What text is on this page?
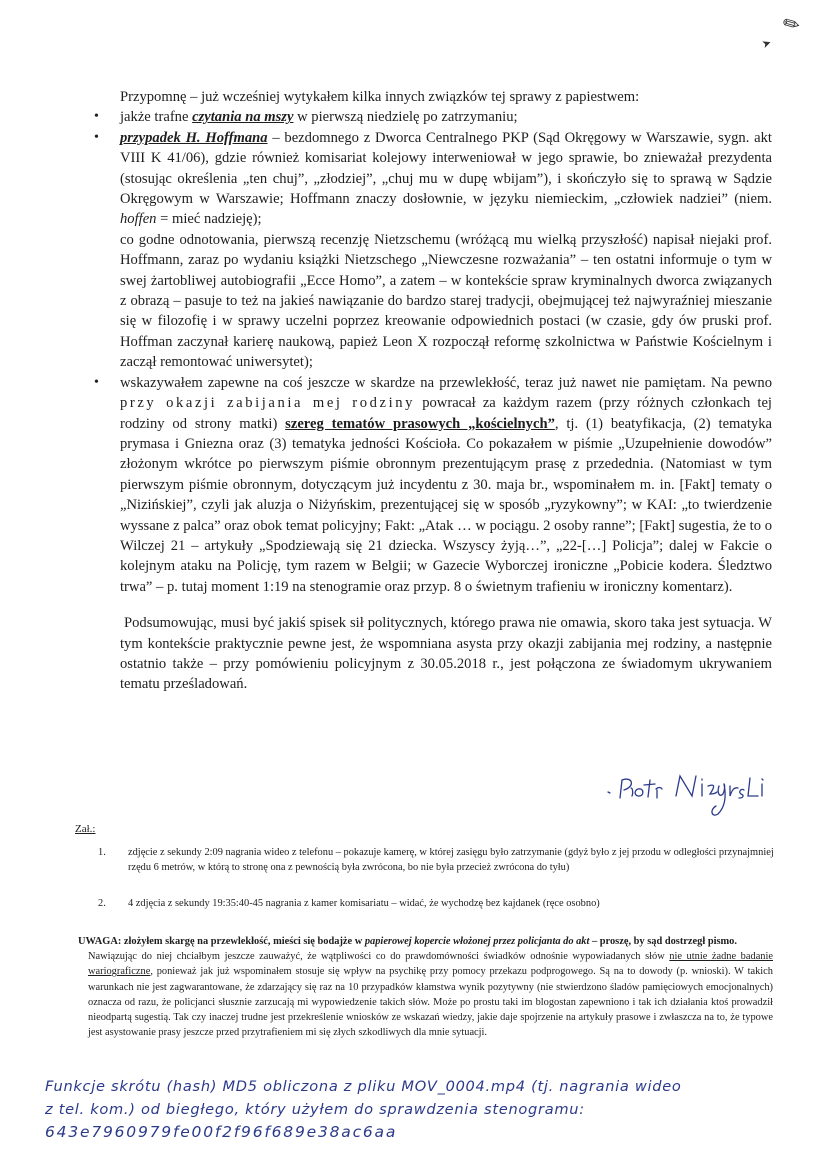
✎
➤

Przypomnę – już wcześniej wytykałem kilka innych związków tej sprawy z papiestwem:

• jakże trafne czytania na mszy w pierwszą niedzielę po zatrzymaniu;
• przypadek H. Hoffmana – bezdomnego z Dworca Centralnego PKP (Sąd Okręgowy w Warszawie, sygn. akt VIII K 41/06), gdzie również komisariat kolejowy interweniował w jego sprawie, bo znieważał prezydenta (stosując określenia „ten chuj”, „złodziej”, „chuj mu w dupę wbijam”), i skończyło się to sprawą w Sądzie Okręgowym w Warszawie; Hoffmann znaczy dosłownie, w języku niemieckim, „człowiek nadziei” (niem. hoffen = mieć nadzieję);

co godne odnotowania, pierwszą recenzję Nietzschemu (wróżącą mu wielką przyszłość) napisał niejaki prof. Hoffmann, zaraz po wydaniu książki Nietzschego „Niewczesne rozważania” – ten ostatni informuje o tym w swej żartobliwej autobiografii „Ecce Homo”, a zatem – w kontekście spraw kryminalnych dworca związanych z obrazą – pasuje to też na jakieś nawiązanie do bardzo starej tradycji, obejmującej też najwyraźniej mieszanie się w filozofię i w sprawy uczelni poprzez kreowanie odpowiednich postaci (w czasie, gdy ów pruski prof. Hoffman zaczynał karierę naukową, papież Leon X rozpoczął reformę szkolnictwa w Państwie Kościelnym i zaczął remontować uniwersytet);

• wskazywałem zapewne na coś jeszcze w skardze na przewlekłość, teraz już nawet nie pamiętam. Na pewno przy okazji zabijania mej rodziny powracał za każdym razem (przy różnych członkach tej rodziny od strony matki) szereg tematów prasowych „kościelnych”, tj. (1) beatyfikacja, (2) tematyka prymasa i Gniezna oraz (3) tematyka jedności Kościoła. Co pokazałem w piśmie „Uzupełnienie dowodów” złożonym wkrótce po pierwszym piśmie obronnym prezentującym prasę z przedednia. (Natomiast w tym pierwszym piśmie obronnym, dotyczącym już incydentu z 30. maja br., wspominałem m. in. [Fakt] tematy o „Nizińskiej”, czyli jak aluzja o Niżyńskim, prezentującej się w sposób „ryzykowny”; w KAI: „to twierdzenie wyssane z palca” oraz obok temat policyjny; Fakt: „Atak … w pociągu. 2 osoby ranne”; [Fakt] sugestia, że to o Wilczej 21 – artykuły „Spodziewają się 21 dziecka. Wszyscy żyją…”, „22-[…] Policja”; dalej w Fakcie o kolejnym ataku na Policję, tym razem w Belgii; w Gazecie Wyborczej ironiczne „Pobicie kodera. Śledztwo trwa” – p. tutaj moment 1:19 na stenogramie oraz przyp. 8 o świetnym trafieniu w ironiczny komentarz).

Podsumowując, musi być jakiś spisek sił politycznych, którego prawa nie omawia, skoro taka jest sytuacja. W tym kontekście praktycznie pewne jest, że wspomniana asysta przy okazji zabijania mej rodziny, a następnie ostatnio także – przy pomówieniu policyjnym z 30.05.2018 r., jest połączona ze świadomym ukrywaniem tematu prześladowań.

Zał.:
1. zdjęcie z sekundy 2:09 nagrania wideo z telefonu – pokazuje kamerę, w której zasięgu było zatrzymanie (gdyż było z jej przodu w odległości przynajmniej rzędu 6 metrów, w którą to stronę ona z pewnością była zwrócona, bo nie była przecież zwrócona do tyłu)
2. 4 zdjęcia z sekundy 19:35:40-45 nagrania z kamer komisariatu – widać, że wychodzę bez kajdanek (ręce osobno)

UWAGA: złożyłem skargę na przewlekłość, mieści się bodajże w papierowej kopercie włożonej przez policjanta do akt – proszę, by sąd dostrzegł pismo.

Nawiązując do niej chciałbym jeszcze zauważyć, że wątpliwości co do prawdomówności świadków odnośnie wypowiadanych słów nie utnie żadne badanie wariograficzne, ponieważ jak już wspominałem stosuje się wpływ na psychikę przy pomocy przekazu podprogowego. Są na to dowody (p. wnioski). W takich warunkach nie jest zagwarantowane, że zdarzający się raz na 10 przypadków kłamstwa wynik pozytywny (nie stwierdzono śladów pamięciowych emocjonalnych) oznacza od razu, że policjanci słusznie zarzucają mi wypowiedzenie takich słów. Może po prostu taki im blogostan zapewniono i tak ich działania ktoś prowadził nieodpartą sugestią. Tak czy inaczej trudne jest przekreślenie wniosków ze wskazań wiedzy, jakie daje spojrzenie na artykuły prasowe i zwłaszcza na to, że typowe jest asystowanie prasy jeszcze przed przytrafieniem mi się złych szkodliwych dla mnie sytuacji.

Funkcje skrótu (hash) MD5 obliczona z pliku MOV_0004.mp4 (tj. nagrania wideo
z tel. kom.) od biegłego, który użyłem do sprawdzenia stenogramu:
643e7960979fe00f2f96f689e38ac6aa
